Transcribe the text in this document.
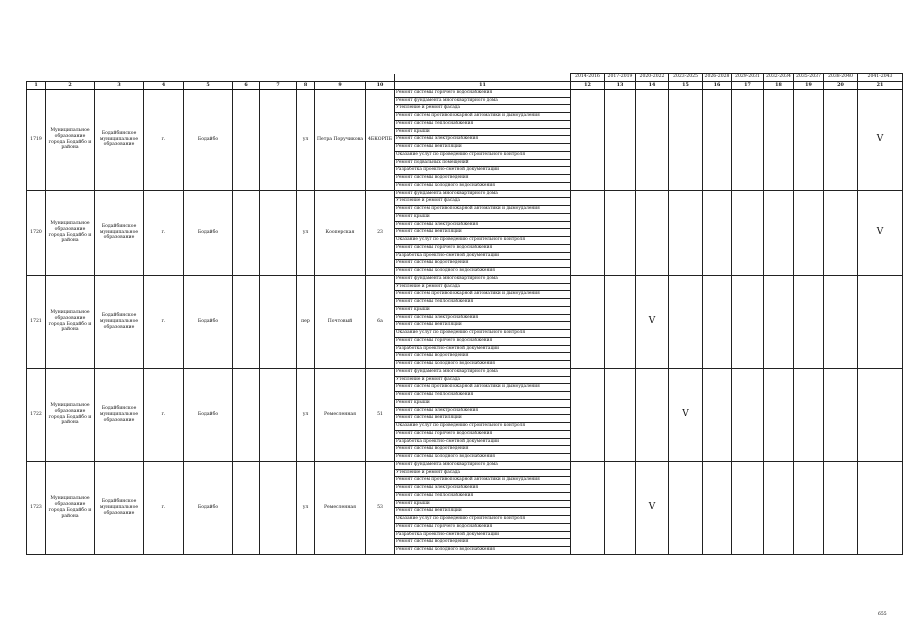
											2014-2016	2017-2019	2020-2022	2023-2025	2026-2028	2029-2031	2032-2034	2035-2037	2038-2040	2041-2043
1	2	3	4	5	6	7	8	9	10	11	12	13	14	15	16	17	18	19	20	21
1719	Муниципальное образование города Бодайбо и района	Бодайбинское муниципальное образование	г.	Бодайбо			ул	Петра Поручикова	4БКОРПБ	Ремонт системы горячего водоснабжения										V
										Ремонт фундамента многоквартирного дома										
										Утепление и ремонт фасада										
										Ремонт систем противопожарной автоматики и дымоудаления										
										Ремонт системы теплоснабжения										
										Ремонт крыши										
										Ремонт системы электроснабжения										
										Ремонт системы вентиляции										
										Оказание услуг по проведению строительного контроля										
										Ремонт подвальных помещений										
										Разработка проектно-сметной документации										
										Ремонт системы водоотведения										
										Ремонт системы холодного водоснабжения										
1720	Муниципальное образование города Бодайбо и района	Бодайбинское муниципальное образование	г.	Бодайбо			ул	Кооперская	23	Ремонт фундамента многоквартирного дома										V
										Утепление и ремонт фасада										
										Ремонт систем противопожарной автоматики и дымоудаления										
										Ремонт крыши										
										Ремонт системы электроснабжения										
										Ремонт системы вентиляции										
										Оказание услуг по проведению строительного контроля										
										Ремонт системы горячего водоснабжения										
										Разработка проектно-сметной документации										
										Ремонт системы водоотведения										
										Ремонт системы холодного водоснабжения										
1721	Муниципальное образование города Бодайбо и района	Бодайбинское муниципальное образование	г.	Бодайбо			пер	Почтовый	6а	Ремонт фундамента многоквартирного дома			V							
										Утепление и ремонт фасада										
										Ремонт систем противопожарной автоматики и дымоудаления										
										Ремонт системы теплоснабжения										
										Ремонт крыши										
										Ремонт системы электроснабжения										
										Ремонт системы вентиляции										
										Оказание услуг по проведению строительного контроля										
										Ремонт системы горячего водоснабжения										
										Разработка проектно-сметной документации										
										Ремонт системы водоотведения										
										Ремонт системы холодного водоснабжения										
1722	Муниципальное образование города Бодайбо и района	Бодайбинское муниципальное образование	г.	Бодайбо			ул	Ремесленная	51	Ремонт фундамента многоквартирного дома				V						
										Утепление и ремонт фасада										
										Ремонт систем противопожарной автоматики и дымоудаления										
										Ремонт системы теплоснабжения										
										Ремонт крыши										
										Ремонт системы электроснабжения										
										Ремонт системы вентиляции										
										Оказание услуг по проведению строительного контроля										
										Ремонт системы горячего водоснабжения										
										Разработка проектно-сметной документации										
										Ремонт системы водоотведения										
										Ремонт системы холодного водоснабжения										
1723	Муниципальное образование города Бодайбо и района	Бодайбинское муниципальное образование	г.	Бодайбо			ул	Ремесленная	53	Ремонт фундамента многоквартирного дома			V							
										Утепление и ремонт фасада										
										Ремонт систем противопожарной автоматики и дымоудаления										
										Ремонт системы электроснабжения										
										Ремонт системы теплоснабжения										
										Ремонт крыши										
										Ремонт системы вентиляции										
										Оказание услуг по проведению строительного контроля										
										Ремонт системы горячего водоснабжения										
										Разработка проектно-сметной документации										
										Ремонт системы водоотведения										
										Ремонт системы холодного водоснабжения										
655
